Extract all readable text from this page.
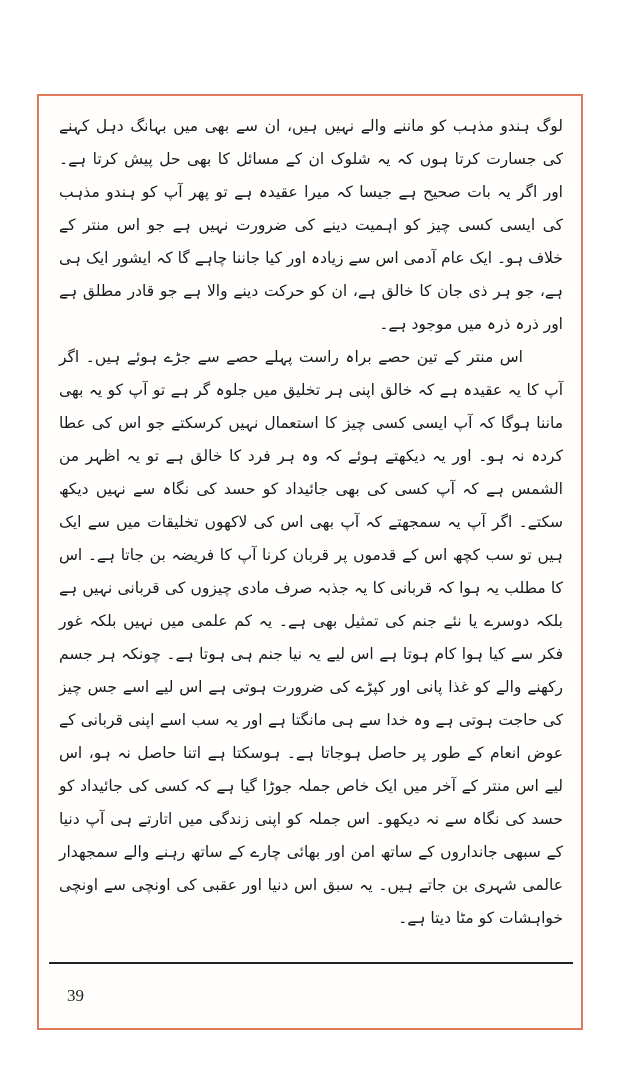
لوگ ہندو مذہب کو ماننے والے نہیں ہیں، ان سے بھی میں بہانگ دہل کہنے کی جسارت کرتا ہوں کہ یہ شلوک ان کے مسائل کا بھی حل پیش کرتا ہے۔ اور اگر یہ بات صحیح ہے جیسا کہ میرا عقیدہ ہے تو پھر آپ کو ہندو مذہب کی ایسی کسی چیز کو اہمیت دینے کی ضرورت نہیں ہے جو اس منتر کے خلاف ہو۔ ایک عام آدمی اس سے زیادہ اور کیا جاننا چاہے گا کہ ایشور ایک ہی ہے، جو ہر ذی جان کا خالق ہے، ان کو حرکت دینے والا ہے جو قادر مطلق ہے اور ذرہ ذرہ میں موجود ہے۔

اس منتر کے تین حصے براہ راست پہلے حصے سے جڑے ہوئے ہیں۔ اگر آپ کا یہ عقیدہ ہے کہ خالق اپنی ہر تخلیق میں جلوہ گر ہے تو آپ کو یہ بھی ماننا ہوگا کہ آپ ایسی کسی چیز کا استعمال نہیں کرسکتے جو اس کی عطا کردہ نہ ہو۔ اور یہ دیکھتے ہوئے کہ وہ ہر فرد کا خالق ہے تو یہ اظہر من الشمس ہے کہ آپ کسی کی بھی جائیداد کو حسد کی نگاہ سے نہیں دیکھ سکتے۔ اگر آپ یہ سمجھتے کہ آپ بھی اس کی لاکھوں تخلیقات میں سے ایک ہیں تو سب کچھ اس کے قدموں پر قربان کرنا آپ کا فریضہ بن جاتا ہے۔ اس کا مطلب یہ ہوا کہ قربانی کا یہ جذبہ صرف مادی چیزوں کی قربانی نہیں ہے بلکہ دوسرے یا نئے جنم کی تمثیل بھی ہے۔ یہ کم علمی میں نہیں بلکہ غور فکر سے کیا ہوا کام ہوتا ہے اس لیے یہ نیا جنم ہی ہوتا ہے۔ چونکہ ہر جسم رکھنے والے کو غذا پانی اور کپڑے کی ضرورت ہوتی ہے اس لیے اسے جس چیز کی حاجت ہوتی ہے وہ خدا سے ہی مانگتا ہے اور یہ سب اسے اپنی قربانی کے عوض انعام کے طور پر حاصل ہوجاتا ہے۔ ہوسکتا ہے اتنا حاصل نہ ہو، اس لیے اس منتر کے آخر میں ایک خاص جملہ جوڑا گیا ہے کہ کسی کی جائیداد کو حسد کی نگاہ سے نہ دیکھو۔ اس جملہ کو اپنی زندگی میں اتارتے ہی آپ دنیا کے سبھی جانداروں کے ساتھ امن اور بھائی چارے کے ساتھ رہنے والے سمجھدار عالمی شہری بن جاتے ہیں۔ یہ سبق اس دنیا اور عقبی کی اونچی سے اونچی خواہشات کو مٹا دیتا ہے۔

39
